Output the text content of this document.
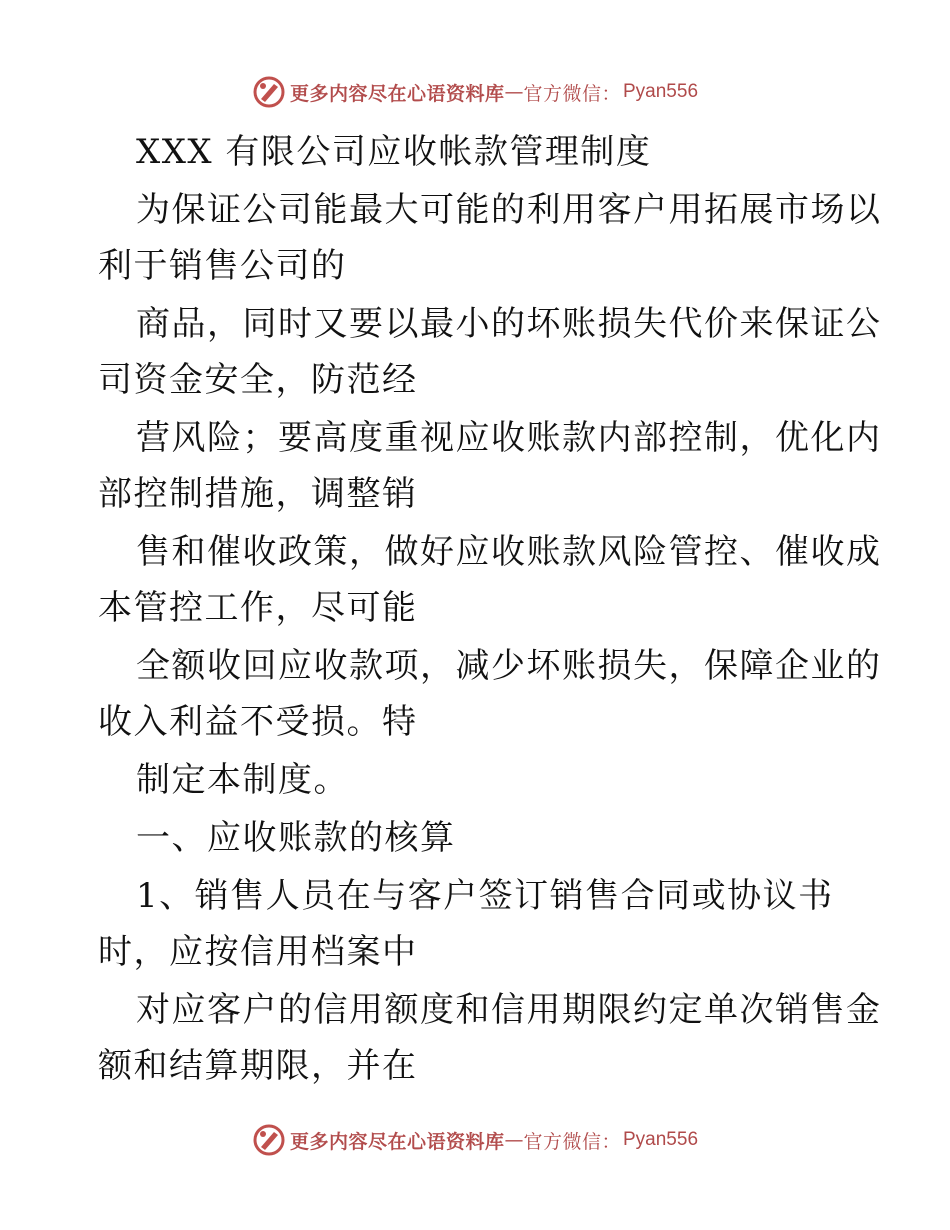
更多内容尽在心语资料库 — 官方微信： Pyan556
XXX 有限公司应收帐款管理制度
为保证公司能最大可能的利用客户用拓展市场以
利于销售公司的
商品，同时又要以最小的坏账损失代价来保证公
司资金安全，防范经
营风险；要高度重视应收账款内部控制，优化内
部控制措施，调整销
售和催收政策，做好应收账款风险管控、催收成
本管控工作，尽可能
全额收回应收款项，减少坏账损失，保障企业的
收入利益不受损。特
制定本制度。
一、应收账款的核算
1、销售人员在与客户签订销售合同或协议书
时，应按信用档案中
对应客户的信用额度和信用期限约定单次销售金
额和结算期限，并在
更多内容尽在心语资料库 — 官方微信： Pyan556
